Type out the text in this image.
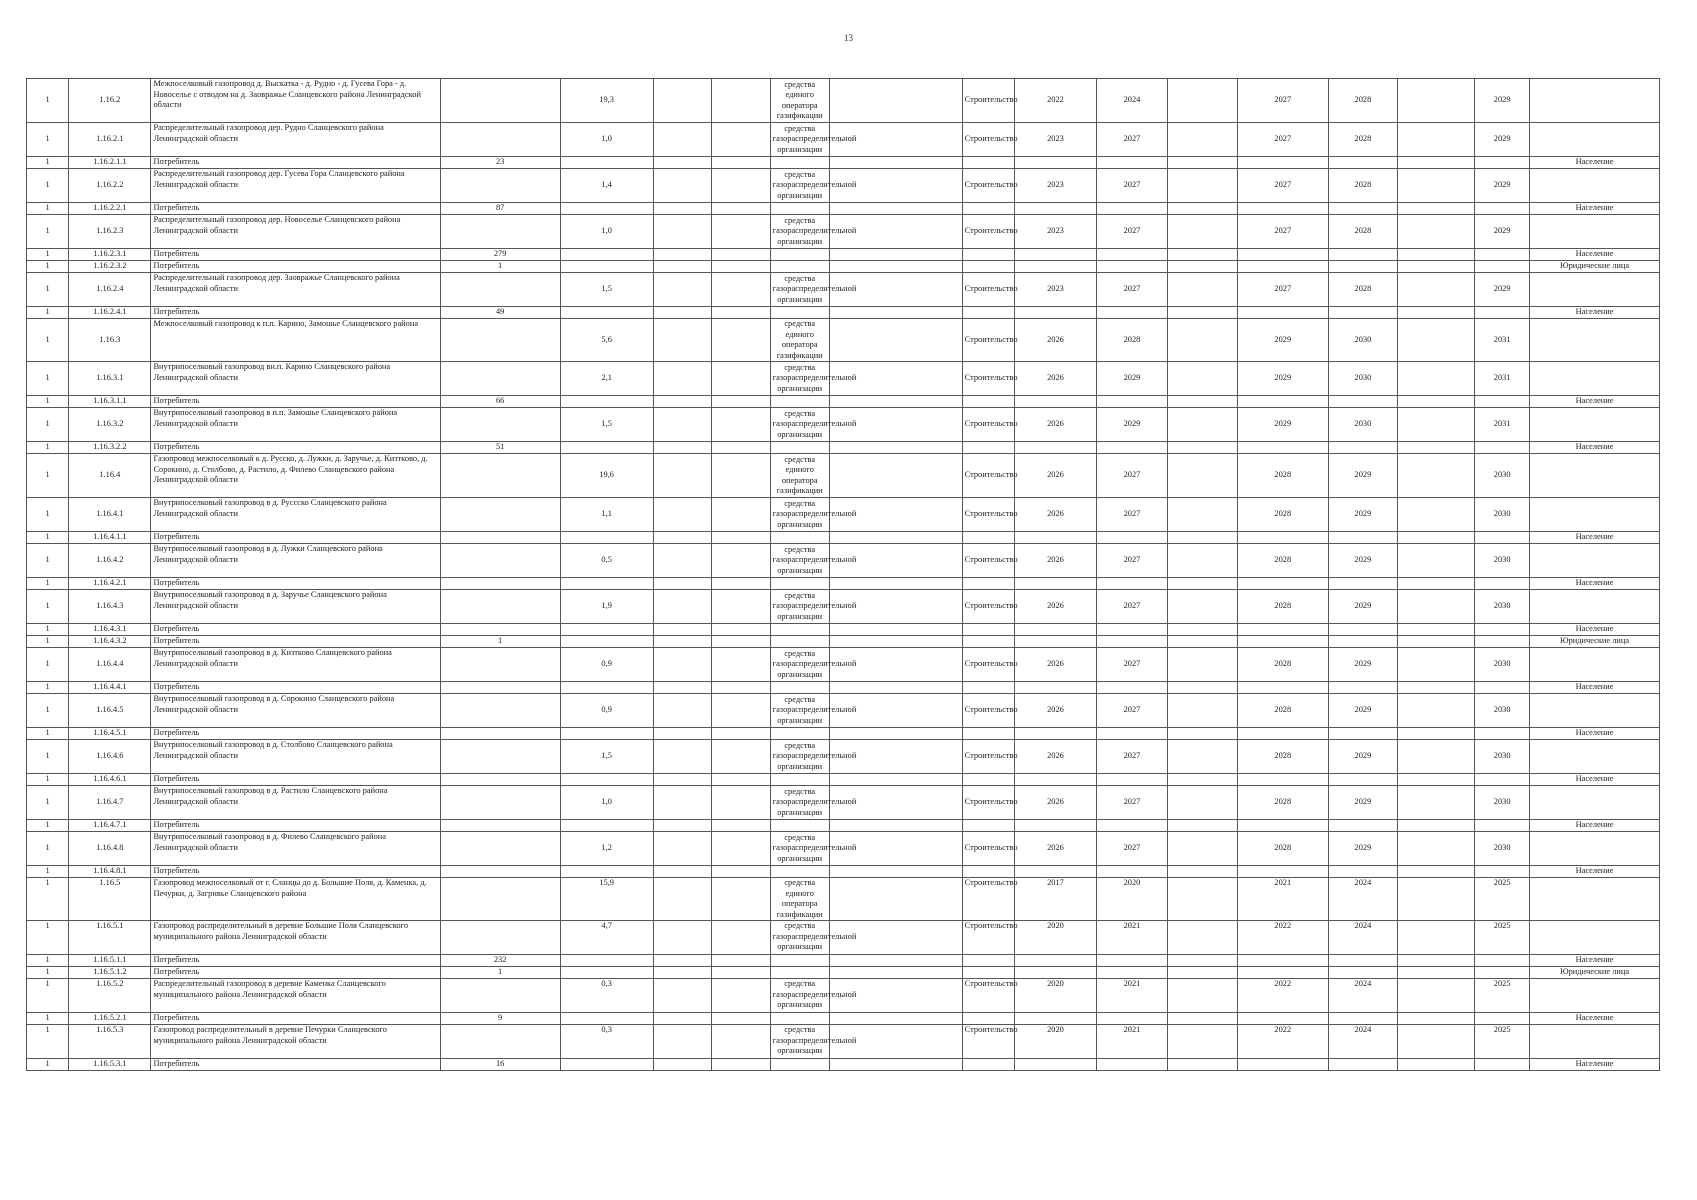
13
1	1.16.2	Межпоселковый газопровод д. Выскатка - д. Рудно - д. Гусева Гора - д. Новоселье с отводом на д. Заовражье Сланцевского района Ленинградской области		19,3			средства единого оператора газификации		Строительство	2022	2024		2027	2028		2029	
1	1.16.2.1	Распределительный газопровод дер. Рудно Сланцевского района Ленинградской области		1,0			средства газораспределительной организации		Строительство	2023	2027		2027	2028		2029	
1	1.16.2.1.1	Потребитель	23														Население
1	1.16.2.2	Распределительный газопровод дер. Гусева Гора Сланцевского района Ленинградской области		1,4			средства газораспределительной организации		Строительство	2023	2027		2027	2028		2029	
1	1.16.2.2.1	Потребитель	87														Население
1	1.16.2.3	Распределительный газопровод дер. Новоселье Сланцевского района Ленинградской области		1,0			средства газораспределительной организации		Строительство	2023	2027		2027	2028		2029	
1	1.16.2.3.1	Потребитель	279														Население
1	1.16.2.3.2	Потребитель	1														Юридические лица
1	1.16.2.4	Распределительный газопровод дер. Заовражье Сланцевского района Ленинградской области		1,5			средства газораспределительной организации		Строительство	2023	2027		2027	2028		2029	
1	1.16.2.4.1	Потребитель	49														Население
1	1.16.3	Межпоселковый газопровод к п.п. Карино, Замошье Сланцевского района		5,6			средства единого оператора газификации		Строительство	2026	2028		2029	2030		2031	
1	1.16.3.1	Внутрипоселковый газопровод вн.п. Карино Сланцевского района Ленинградской области		2,1			средства газораспределительной организации		Строительство	2026	2029		2029	2030		2031	
1	1.16.3.1.1	Потребитель	66														Население
1	1.16.3.2	Внутрипоселковый газопровод в п.п. Замошье Сланцевского района Ленинградской области		1,5			средства газораспределительной организации		Строительство	2026	2029		2029	2030		2031	
1	1.16.3.2.2	Потребитель	51														Население
1	1.16.4	Газопровод межпоселковый к д. Русско, д. Лужки, д. Заручье, д. Кизтково, д. Сорокино, д. Столбово, д. Растило, д. Филево Сланцевского района Ленинградской области		19,6			средства единого оператора газификации		Строительство	2026	2027		2028	2029		2030	
1	1.16.4.1	Внутрипоселковый газопровод в д. Руссско Сланцевского района Ленинградской области		1,1			средства газораспределительной организации		Строительство	2026	2027		2028	2029		2030	
1	1.16.4.1.1	Потребитель															Население
1	1.16.4.2	Внутрипоселковый газопровод в д. Лужки Сланцевского района Ленинградской области		0,5			средства газораспределительной организации		Строительство	2026	2027		2028	2029		2030	
1	1.16.4.2.1	Потребитель															Население
1	1.16.4.3	Внутрипоселковый газопровод в д. Заручье Сланцевского района Ленинградской области		1,9			средства газораспределительной организации		Строительство	2026	2027		2028	2029		2030	
1	1.16.4.3.1	Потребитель															Население
1	1.16.4.3.2	Потребитель	1														Юридические лица
1	1.16.4.4	Внутрипоселковый газопровод в д. Кизтково Сланцевского района Ленинградской области		0,9			средства газораспределительной организации		Строительство	2026	2027		2028	2029		2030	
1	1.16.4.4.1	Потребитель															Население
1	1.16.4.5	Внутрипоселковый газопровод в д. Сорокино Сланцевского района Ленинградской области		0,9			средства газораспределительной организации		Строительство	2026	2027		2028	2029		2030	
1	1.16.4.5.1	Потребитель															Население
1	1.16.4.6	Внутрипоселковый газопровод в д. Столбово Сланцевского района Ленинградской области		1,5			средства газораспределительной организации		Строительство	2026	2027		2028	2029		2030	
1	1.16.4.6.1	Потребитель															Население
1	1.16.4.7	Внутрипоселковый газопровод в д. Растило Сланцевского района Ленинградской области		1,0			средства газораспределительной организации		Строительство	2026	2027		2028	2029		2030	
1	1.16.4.7.1	Потребитель															Население
1	1.16.4.8	Внутрипоселковый газопровод в д. Филево Сланцевского района Ленинградской области		1,2			средства газораспределительной организации		Строительство	2026	2027		2028	2029		2030	
1	1.16.4.8.1	Потребитель															Население
1	1.16.5	Газопровод межпоселковый от г. Сланцы до д. Большие Поля, д. Каменка, д. Печурки, д. Загривье Сланцевского района		15,9			средства единого оператора газификации		Строительство	2017	2020		2021	2024		2025	
1	1.16.5.1	Газопровод распределительный в деревне Большие Поля Сланцевского муниципального района Ленинградской области		4,7			средства газораспределительной организации		Строительство	2020	2021		2022	2024		2025	
1	1.16.5.1.1	Потребитель	232														Население
1	1.16.5.1.2	Потребитель	1														Юридические лица
1	1.16.5.2	Распределительный газопровод в деревне Каменка Сланцевского муниципального района Ленинградской области		0,3			средства газораспределительной организации		Строительство	2020	2021		2022	2024		2025	
1	1.16.5.2.1	Потребитель	9														Население
1	1.16.5.3	Газопровод распределительный в деревне Печурки Сланцевского муниципального района Ленинградской области		0,3			средства газораспределительной организации		Строительство	2020	2021		2022	2024		2025	
1	1.16.5.3.1	Потребитель	16														Население
